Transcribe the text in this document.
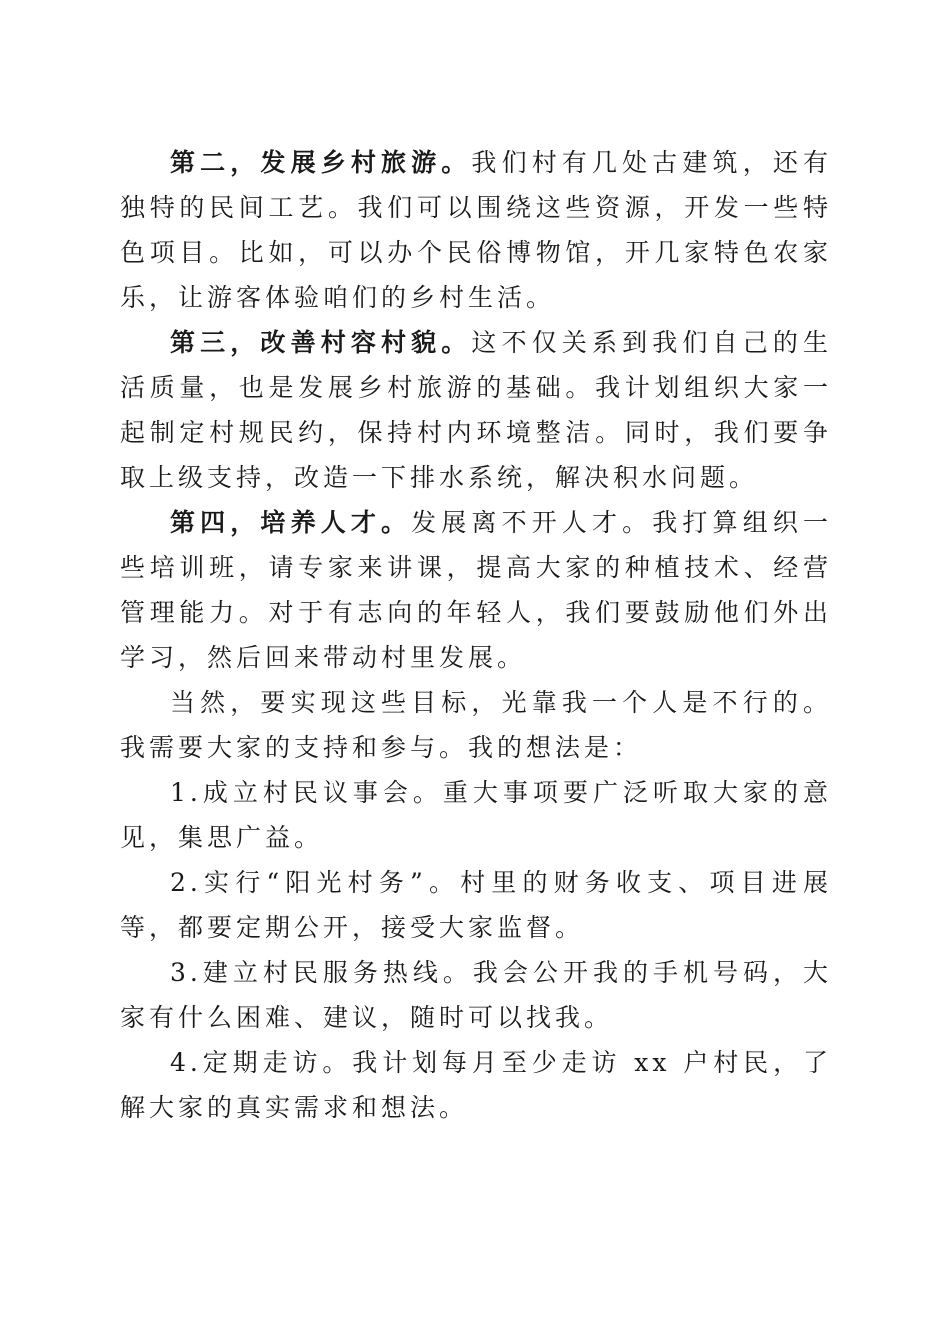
第二，发展乡村旅游。我们村有几处古建筑，还有独特的民间工艺。我们可以围绕这些资源，开发一些特色项目。比如，可以办个民俗博物馆，开几家特色农家乐，让游客体验咱们的乡村生活。

第三，改善村容村貌。这不仅关系到我们自己的生活质量，也是发展乡村旅游的基础。我计划组织大家一起制定村规民约，保持村内环境整洁。同时，我们要争取上级支持，改造一下排水系统，解决积水问题。

第四，培养人才。发展离不开人才。我打算组织一些培训班，请专家来讲课，提高大家的种植技术、经营管理能力。对于有志向的年轻人，我们要鼓励他们外出学习，然后回来带动村里发展。

当然，要实现这些目标，光靠我一个人是不行的。我需要大家的支持和参与。我的想法是：

1.成立村民议事会。重大事项要广泛听取大家的意见，集思广益。

2.实行“阳光村务”。村里的财务收支、项目进展等，都要定期公开，接受大家监督。

3.建立村民服务热线。我会公开我的手机号码，大家有什么困难、建议，随时可以找我。

4.定期走访。我计划每月至少走访 xx 户村民，了解大家的真实需求和想法。
